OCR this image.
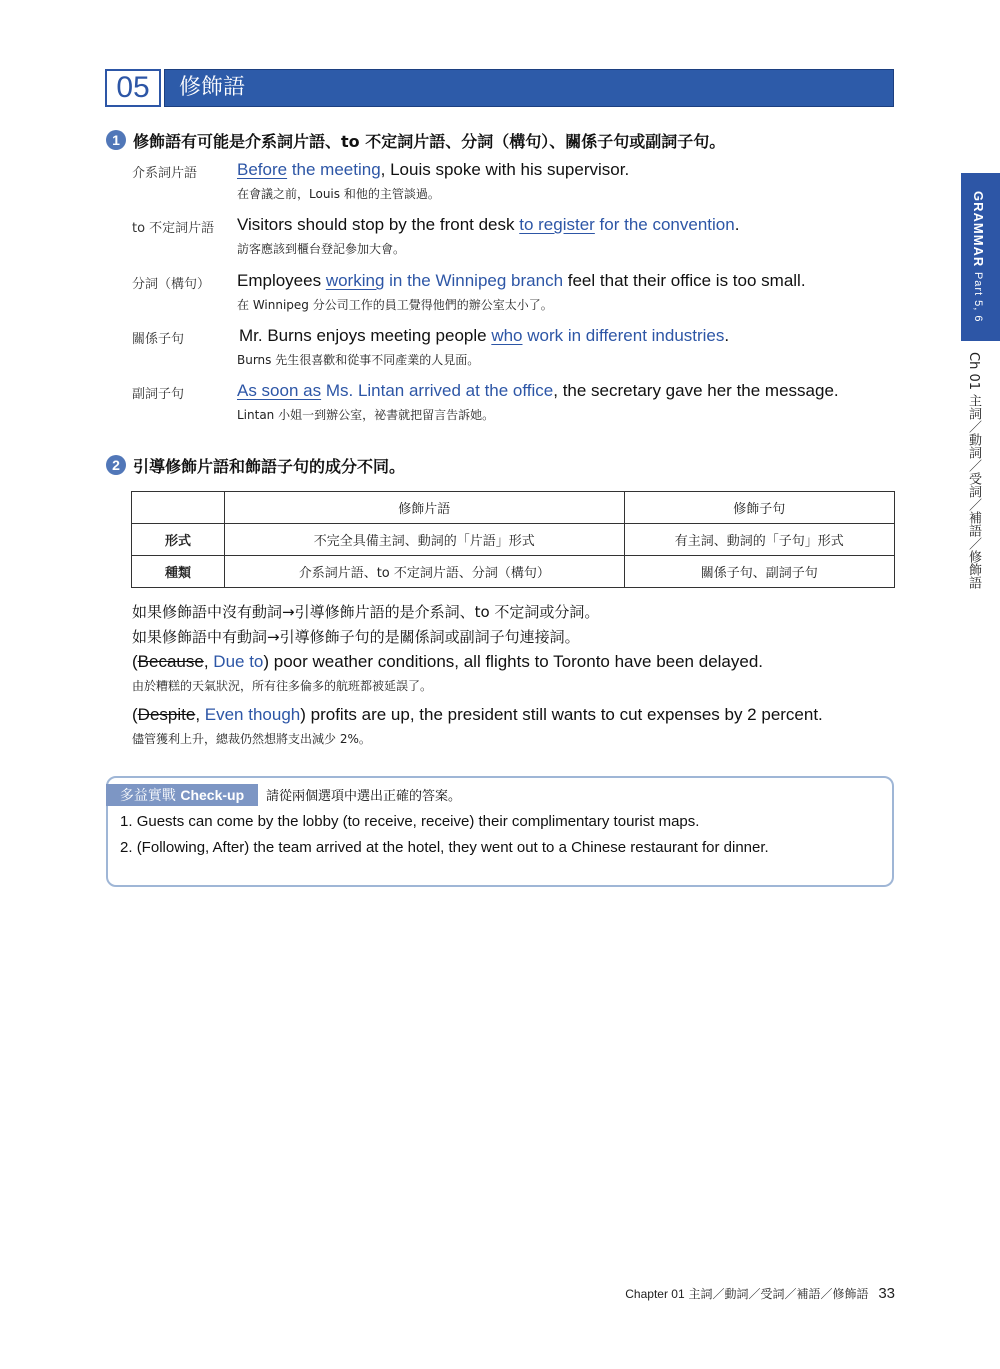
05	修飾語
1 修飾語有可能是介系詞片語、to 不定詞片語、分詞（構句）、關係子句或副詞子句。
介系詞片語 Before the meeting, Louis spoke with his supervisor.
在會議之前，Louis 和他的主管談過。
to 不定詞片語 Visitors should stop by the front desk to register for the convention.
訪客應該到櫃台登記參加大會。
分詞（構句） Employees working in the Winnipeg branch feel that their office is too small.
在 Winnipeg 分公司工作的員工覺得他們的辦公室太小了。
關係子句	Mr. Burns enjoys meeting people who work in different industries.
Burns 先生很喜歡和從事不同產業的人見面。
副詞子句	As soon as Ms. Lintan arrived at the office, the secretary gave her the message.
Lintan 小姐一到辦公室，祕書就把留言告訴她。
2 引導修飾片語和飾語子句的成分不同。
	修飾片語	修飾子句
形式	不完全具備主詞、動詞的「片語」形式	有主詞、動詞的「子句」形式
種類	介系詞片語、to 不定詞片語、分詞（構句）	關係子句、副詞子句
如果修飾語中沒有動詞→引導修飾片語的是介系詞、to 不定詞或分詞。
如果修飾語中有動詞→引導修飾子句的是關係詞或副詞子句連接詞。
(Because, Due to) poor weather conditions, all flights to Toronto have been delayed.
由於糟糕的天氣狀況，所有往多倫多的航班都被延誤了。
(Despite, Even though) profits are up, the president still wants to cut expenses by 2 percent.
儘管獲利上升，總裁仍然想將支出減少 2%。
多益實戰 Check-up	請從兩個選項中選出正確的答案。
1. Guests can come by the lobby (to receive, receive) their complimentary tourist maps.
2. (Following, After) the team arrived at the hotel, they went out to a Chinese restaurant for dinner.
GRAMMAR Part 5, 6
Ch 01 主詞／動詞／受詞／補語／修飾語
Chapter 01 主詞／動詞／受詞／補語／修飾語 33
